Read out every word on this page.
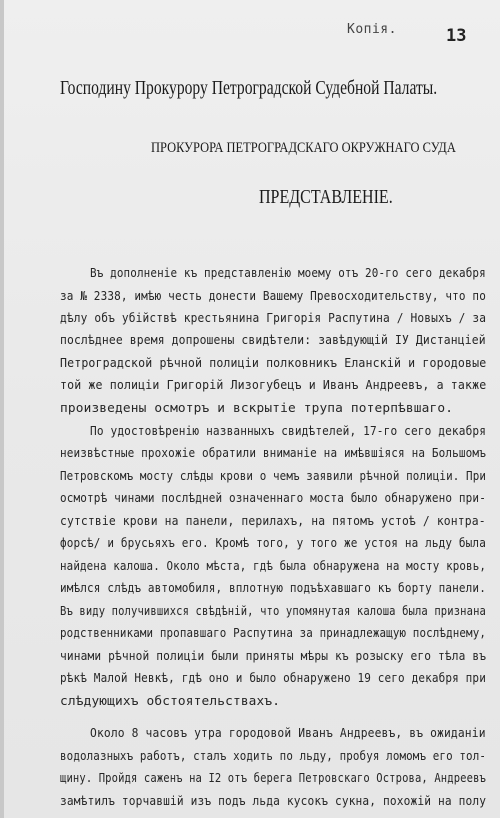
Копія.	13
Господину Прокурору Петроградской Судебной Палаты.
ПРОКУРОРА ПЕТРОГРАДСКАГО ОКРУЖНАГО СУДА
ПРЕДСТАВЛЕНІЕ.
Въ дополненіе къ представленію моему отъ 20-го сего декабря
за № 2338, имѣю честь донести Вашему Превосходительству, что по
дѣлу объ убійствѣ крестьянина Григорія Распутина / Новыхъ / за
послѣднее время допрошены свидѣтели: завѣдующій IУ Дистанціей
Петроградской рѣчной полиціи полковникъ Еланскій и городовые
той же полиціи Григорій Лизогубецъ и Иванъ Андреевъ, а также
произведены осмотръ и вскрытіе трупа потерпѣвшаго.
По удостовѣренію названныхъ свидѣтелей, 17-го сего декабря
неизвѣстные прохожіе обратили вниманіе на имѣвшіяся на Большомъ
Петровскомъ мосту слѣды крови о чемъ заявили рѣчной полиціи. При
осмотрѣ чинами послѣдней означеннаго моста было обнаружено при-
сутствіе крови на панели, перилахъ, на пятомъ устоѣ / контра-
форсѣ/ и брусьяхъ его. Кромѣ того, у того же устоя на льду была
найдена калоша. Около мѣста, гдѣ была обнаружена на мосту кровь,
имѣлся слѣдъ автомобиля, вплотную подъѣхавшаго къ борту панели.
Въ виду получившихся свѣдѣній, что упомянутая калоша была признана
родственниками пропавшаго Распутина за принадлежащую послѣднему,
чинами рѣчной полиціи были приняты мѣры къ розыску его тѣла въ
рѣкѣ Малой Невкѣ, гдѣ оно и было обнаружено 19 сего декабря при
слѣдующихъ обстоятельствахъ.
Около 8 часовъ утра городовой Иванъ Андреевъ, въ ожиданіи
водолазныхъ работъ, сталъ ходить по льду, пробуя ломомъ его тол-
щину. Пройдя саженъ на I2 отъ берега Петровскаго Острова, Андреевъ
замѣтилъ торчавшій изъ подъ льда кусокъ сукна, похожій на полу
